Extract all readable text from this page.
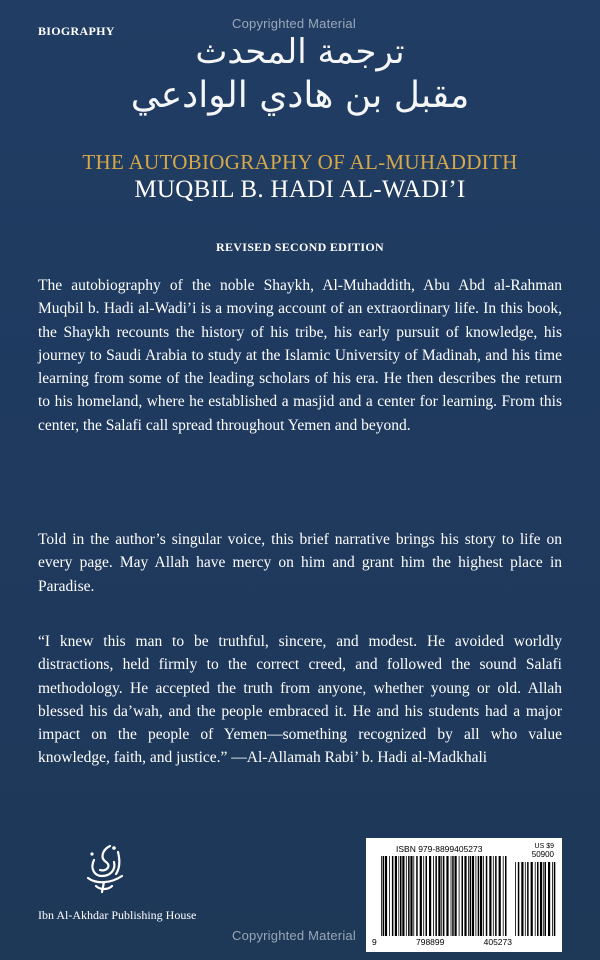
Copyrighted Material
BIOGRAPHY
ترجمة المحدث
مقبل بن هادي الوادعي
THE AUTOBIOGRAPHY OF AL-MUHADDITH
MUQBIL B. HADI AL-WADI’I
REVISED SECOND EDITION

The autobiography of the noble Shaykh, Al-Muhaddith, Abu Abd al-Rahman Muqbil b. Hadi al-Wadi’i is a moving account of an extraordinary life. In this book, the Shaykh recounts the history of his tribe, his early pursuit of knowledge, his journey to Saudi Arabia to study at the Islamic University of Madinah, and his time learning from some of the leading scholars of his era. He then describes the return to his homeland, where he established a masjid and a center for learning. From this center, the Salafi call spread throughout Yemen and beyond.

Told in the author’s singular voice, this brief narrative brings his story to life on every page. May Allah have mercy on him and grant him the highest place in Paradise.

“I knew this man to be truthful, sincere, and modest. He avoided worldly distractions, held firmly to the correct creed, and followed the sound Salafi methodology. He accepted the truth from anyone, whether young or old. Allah blessed his da’wah, and the people embraced it. He and his students had a major impact on the people of Yemen—something recognized by all who value knowledge, faith, and justice.” —Al-Allamah Rabi’ b. Hadi al-Madkhali

Ibn Al-Akhdar Publishing House
ISBN 979-8899405273	US $9
50900
9	798899	405273
Copyrighted Material
